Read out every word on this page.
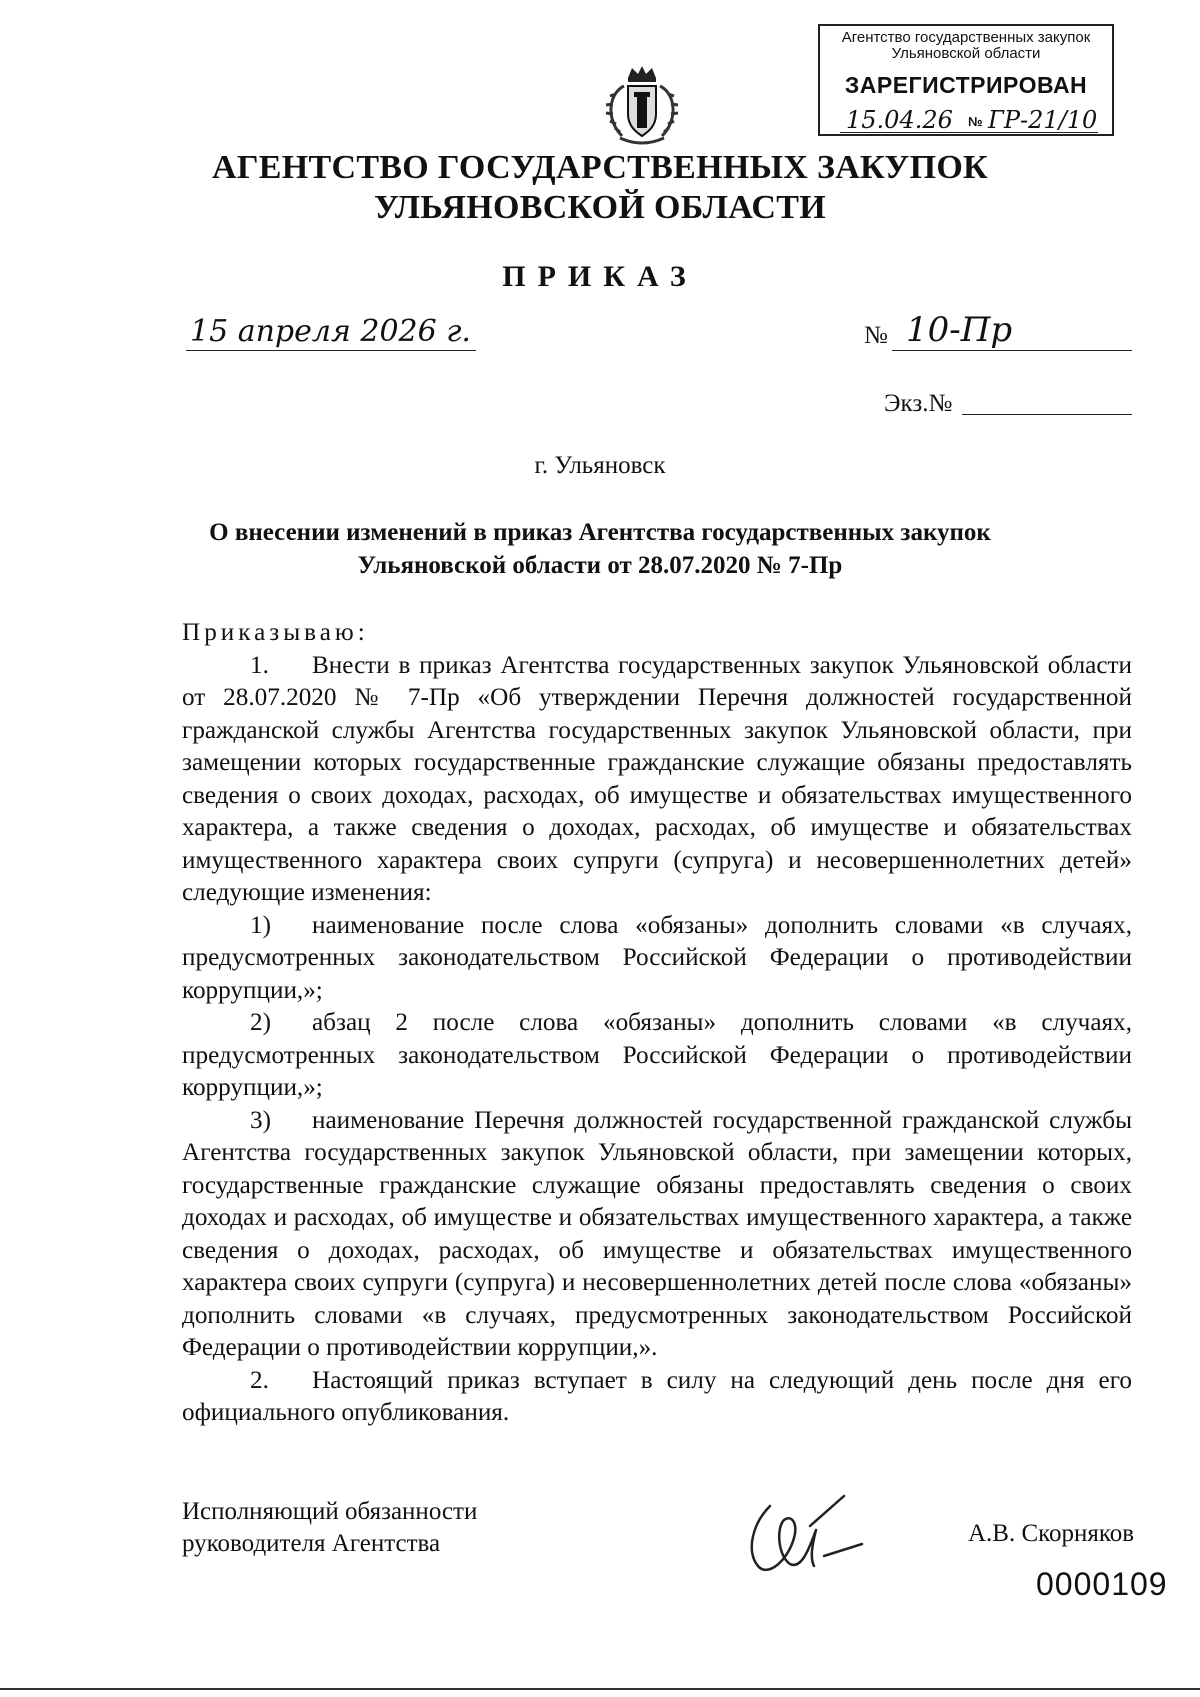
Агентство государственных закупок
Ульяновской области
ЗАРЕГИСТРИРОВАН
15.04.26 № ГР-21/10
АГЕНТСТВО ГОСУДАРСТВЕННЫХ ЗАКУПОК
УЛЬЯНОВСКОЙ ОБЛАСТИ
ПРИКАЗ
15 апреля 2026 г.	№ 10-Пр
Экз.№
г. Ульяновск
О внесении изменений в приказ Агентства государственных закупок
Ульяновской области от 28.07.2020 № 7-Пр

Приказываю:

1. Внести в приказ Агентства государственных закупок Ульяновской области от 28.07.2020 № 7-Пр «Об утверждении Перечня должностей государственной гражданской службы Агентства государственных закупок Ульяновской области, при замещении которых государственные гражданские служащие обязаны предоставлять сведения о своих доходах, расходах, об имуществе и обязательствах имущественного характера, а также сведения о доходах, расходах, об имуществе и обязательствах имущественного характера своих супруги (супруга) и несовершеннолетних детей» следующие изменения:

1) наименование после слова «обязаны» дополнить словами «в случаях, предусмотренных законодательством Российской Федерации о противодействии коррупции,»;

2) абзац 2 после слова «обязаны» дополнить словами «в случаях, предусмотренных законодательством Российской Федерации о противодействии коррупции,»;

3) наименование Перечня должностей государственной гражданской службы Агентства государственных закупок Ульяновской области, при замещении которых, государственные гражданские служащие обязаны предоставлять сведения о своих доходах и расходах, об имуществе и обязательствах имущественного характера, а также сведения о доходах, расходах, об имуществе и обязательствах имущественного характера своих супруги (супруга) и несовершеннолетних детей после слова «обязаны» дополнить словами «в случаях, предусмотренных законодательством Российской Федерации о противодействии коррупции,».

2. Настоящий приказ вступает в силу на следующий день после дня его официального опубликования.

Исполняющий обязанности
руководителя Агентства	А.В. Скорняков
0000109
